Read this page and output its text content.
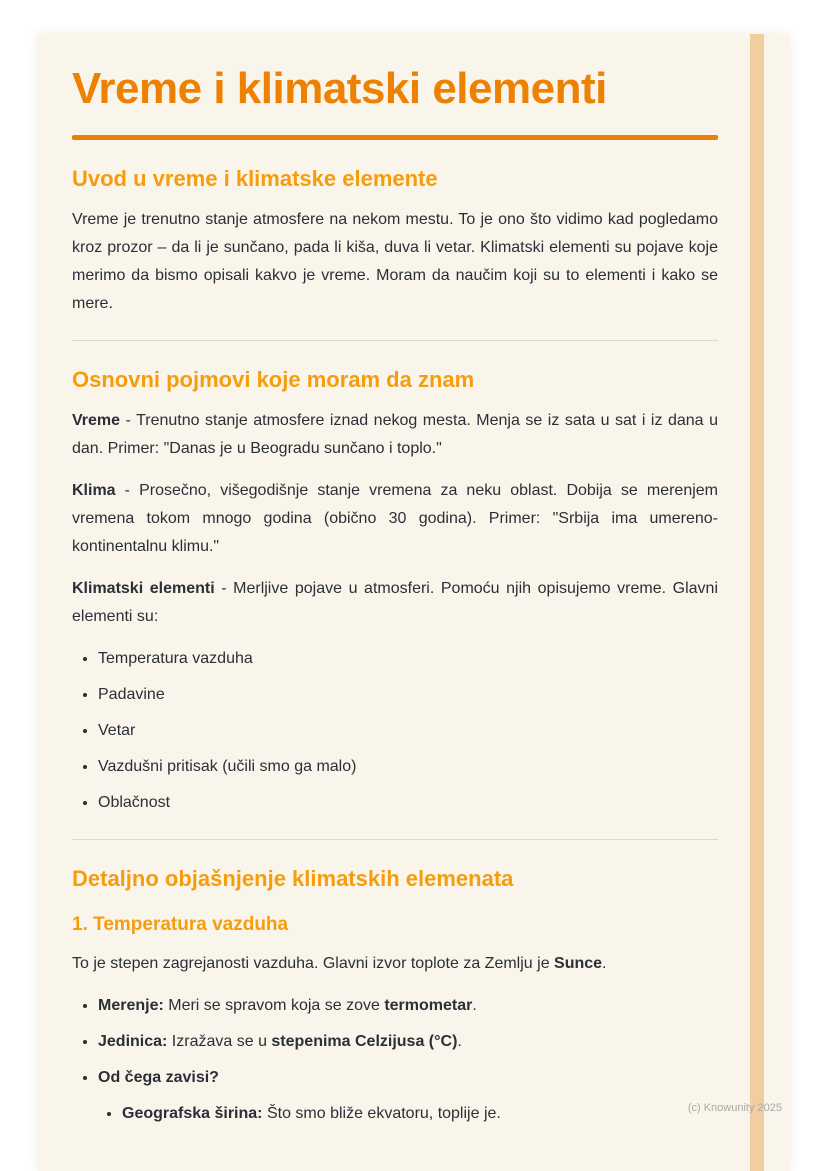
Vreme i klimatski elementi
Uvod u vreme i klimatske elemente

Vreme je trenutno stanje atmosfere na nekom mestu. To je ono što vidimo kad pogledamo kroz prozor – da li je sunčano, pada li kiša, duva li vetar. Klimatski elementi su pojave koje merimo da bismo opisali kakvo je vreme. Moram da naučim koji su to elementi i kako se mere.

Osnovni pojmovi koje moram da znam

Vreme - Trenutno stanje atmosfere iznad nekog mesta. Menja se iz sata u sat i iz dana u dan. Primer: "Danas je u Beogradu sunčano i toplo."

Klima - Prosečno, višegodišnje stanje vremena za neku oblast. Dobija se merenjem vremena tokom mnogo godina (obično 30 godina). Primer: "Srbija ima umereno-kontinentalnu klimu."

Klimatski elementi - Merljive pojave u atmosferi. Pomoću njih opisujemo vreme. Glavni elementi su:

• Temperatura vazduha
• Padavine
• Vetar
• Vazdušni pritisak (učili smo ga malo)
• Oblačnost
Detaljno objašnjenje klimatskih elemenata
1. Temperatura vazduha

To je stepen zagrejanosti vazduha. Glavni izvor toplote za Zemlju je Sunce.

• Merenje: Meri se spravom koja se zove termometar.
• Jedinica: Izražava se u stepenima Celzijusa (°C).
• Od čega zavisi?
• Geografska širina: Što smo bliže ekvatoru, toplije je.	(c) Knowunity 2025
